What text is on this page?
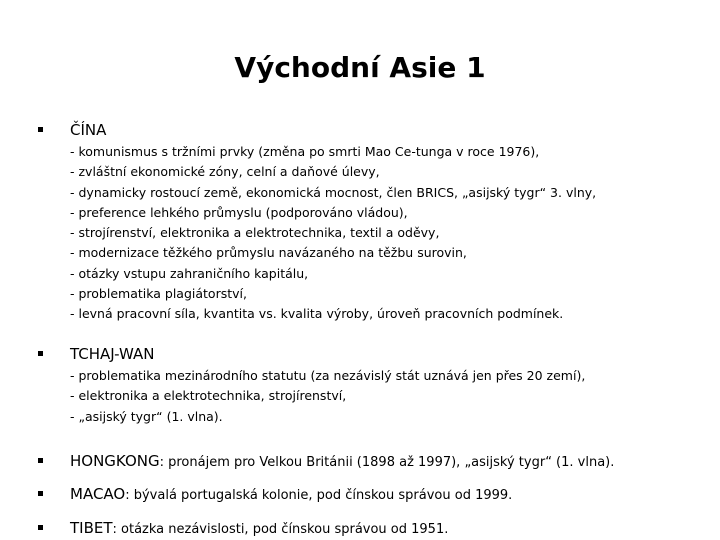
Východní Asie 1
ČÍNA
- komunismus s tržními prvky (změna po smrti Mao Ce-tunga v roce 1976),
- zvláštní ekonomické zóny, celní a daňové úlevy,
- dynamicky rostoucí země, ekonomická mocnost, člen BRICS, „asijský tygr“ 3. vlny,
- preference lehkého průmyslu (podporováno vládou),
- strojírenství, elektronika a elektrotechnika, textil a oděvy,
- modernizace těžkého průmyslu navázaného na těžbu surovin,
- otázky vstupu zahraničního kapitálu,
- problematika plagiátorství,
- levná pracovní síla, kvantita vs. kvalita výroby, úroveň pracovních podmínek.
TCHAJ-WAN
- problematika mezinárodního statutu (za nezávislý stát uznává jen přes 20 zemí),
- elektronika a elektrotechnika, strojírenství,
- „asijský tygr“ (1. vlna).
HONGKONG: pronájem pro Velkou Británii (1898 až 1997), „asijský tygr“ (1. vlna).
MACAO: bývalá portugalská kolonie, pod čínskou správou od 1999.
TIBET: otázka nezávislosti, pod čínskou správou od 1951.
